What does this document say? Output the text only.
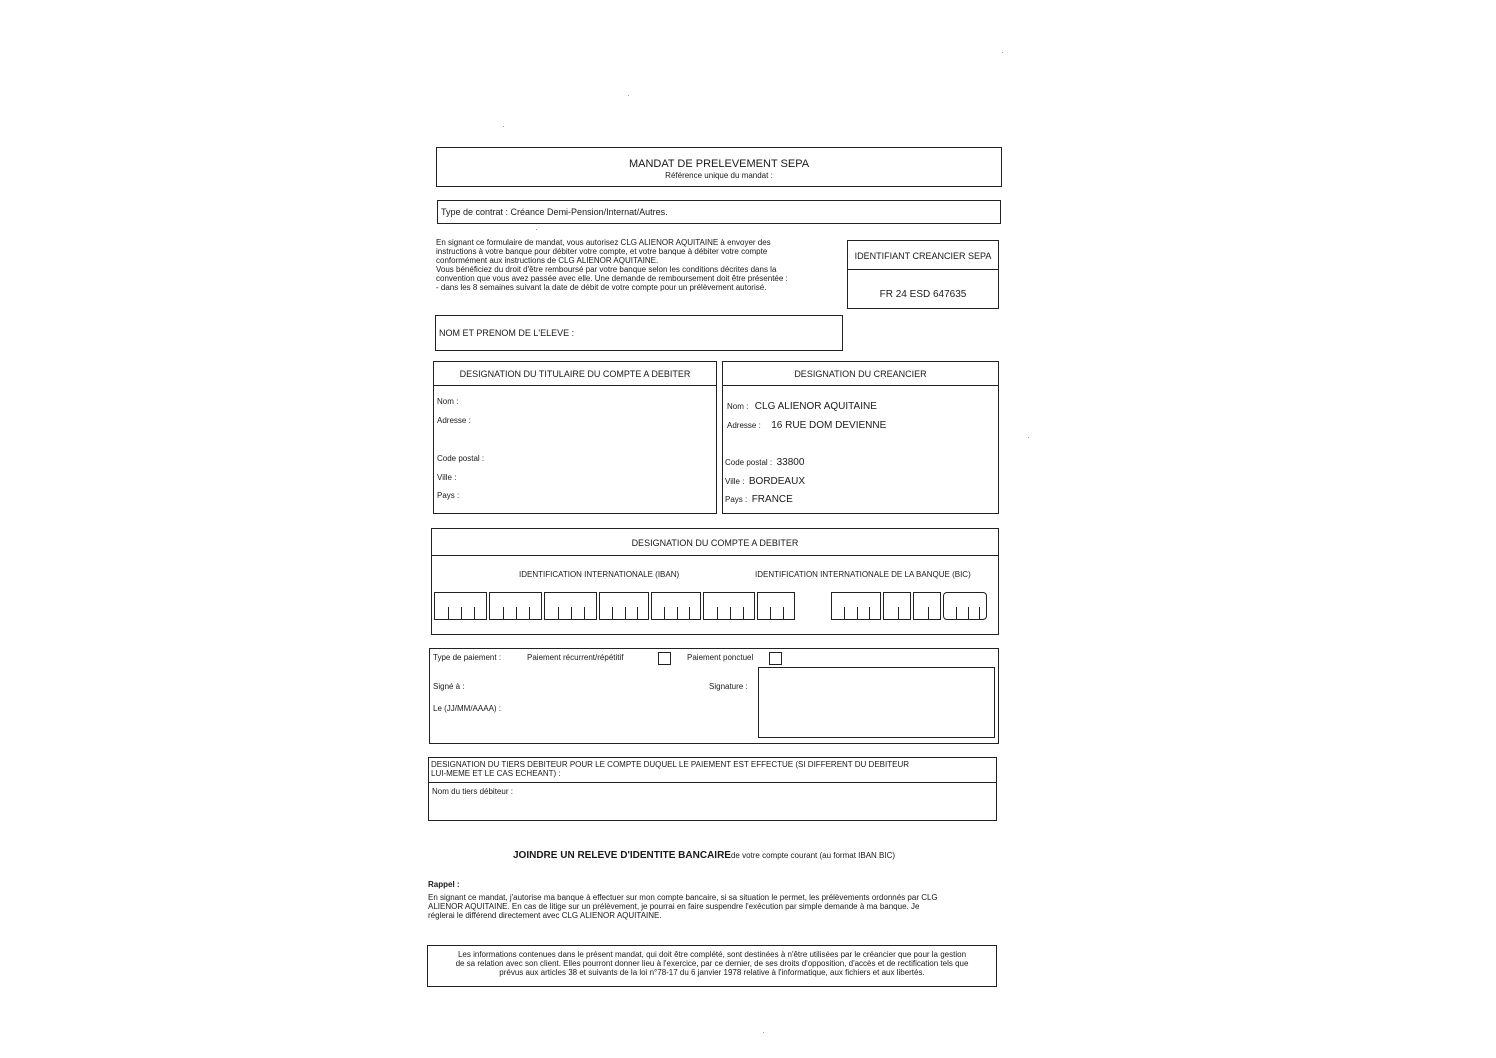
MANDAT DE PRELEVEMENT SEPA
Référence unique du mandat :
Type de contrat : Créance Demi-Pension/Internat/Autres.
En signant ce formulaire de mandat, vous autorisez CLG ALIENOR AQUITAINE à envoyer des
instructions à votre banque pour débiter votre compte, et votre banque à débiter votre compte
conformément aux instructions de CLG ALIENOR AQUITAINE.
Vous bénéficiez du droit d'être remboursé par votre banque selon les conditions décrites dans la
convention que vous avez passée avec elle. Une demande de remboursement doit être présentée :
- dans les 8 semaines suivant la date de débit de votre compte pour un prélèvement autorisé.
IDENTIFIANT CREANCIER SEPA
FR 24 ESD 647635
NOM ET PRENOM DE L'ELEVE :
DESIGNATION DU TITULAIRE DU COMPTE A DEBITER
Nom :
Adresse :
Code postal :
Ville :
Pays :
DESIGNATION DU CREANCIER
Nom : CLG ALIENOR AQUITAINE
Adresse : 16 RUE DOM DEVIENNE
Code postal : 33800
Ville : BORDEAUX
Pays : FRANCE
DESIGNATION DU COMPTE A DEBITER
IDENTIFICATION INTERNATIONALE (IBAN)	IDENTIFICATION INTERNATIONALE DE LA BANQUE (BIC)
Type de paiement :	Paiement récurrent/répétitif	Paiement ponctuel
Signé à :
Le (JJ/MM/AAAA) :
Signature :
DESIGNATION DU TIERS DEBITEUR POUR LE COMPTE DUQUEL LE PAIEMENT EST EFFECTUE (SI DIFFERENT DU DEBITEUR
LUI-MEME ET LE CAS ECHEANT) :
Nom du tiers débiteur :
JOINDRE UN RELEVE D'IDENTITE BANCAIREde votre compte courant (au format IBAN BIC)
Rappel :
En signant ce mandat, j'autorise ma banque à effectuer sur mon compte bancaire, si sa situation le permet, les prélèvements ordonnés par CLG
ALIENOR AQUITAINE. En cas de litige sur un prélèvement, je pourrai en faire suspendre l'exécution par simple demande à ma banque. Je
réglerai le différend directement avec CLG ALIENOR AQUITAINE.
Les informations contenues dans le présent mandat, qui doit être complété, sont destinées à n'être utilisées par le créancier que pour la gestion
de sa relation avec son client. Elles pourront donner lieu à l'exercice, par ce dernier, de ses droits d'opposition, d'accès et de rectification tels que
prévus aux articles 38 et suivants de la loi n°78-17 du 6 janvier 1978 relative à l'informatique, aux fichiers et aux libertés.
